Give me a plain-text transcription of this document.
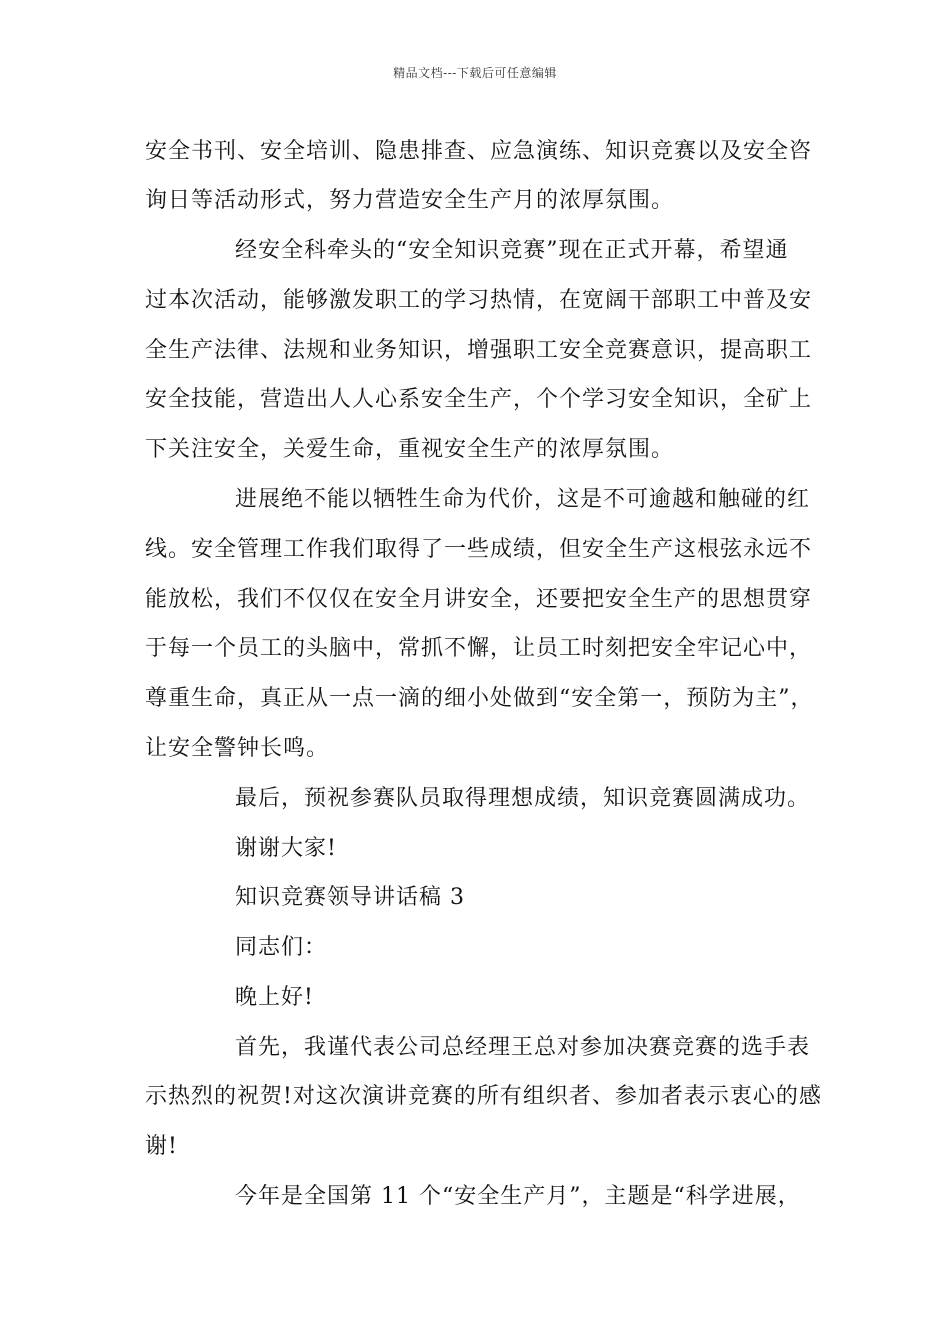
精品文档---下载后可任意编辑
安全书刊、安全培训、隐患排查、应急演练、知识竞赛以及安全咨
询日等活动形式，努力营造安全生产月的浓厚氛围。
经安全科牵头的“安全知识竞赛”现在正式开幕，希望通
过本次活动，能够激发职工的学习热情，在宽阔干部职工中普及安
全生产法律、法规和业务知识，增强职工安全竞赛意识，提高职工
安全技能，营造出人人心系安全生产，个个学习安全知识，全矿上
下关注安全，关爱生命，重视安全生产的浓厚氛围。
进展绝不能以牺牲生命为代价，这是不可逾越和触碰的红
线。安全管理工作我们取得了一些成绩，但安全生产这根弦永远不
能放松，我们不仅仅在安全月讲安全，还要把安全生产的思想贯穿
于每一个员工的头脑中，常抓不懈，让员工时刻把安全牢记心中，
尊重生命，真正从一点一滴的细小处做到“安全第一，预防为主”，
让安全警钟长鸣。
最后，预祝参赛队员取得理想成绩，知识竞赛圆满成功。
谢谢大家!
知识竞赛领导讲话稿 3
同志们：
晚上好!
首先，我谨代表公司总经理王总对参加决赛竞赛的选手表
示热烈的祝贺!对这次演讲竞赛的所有组织者、参加者表示衷心的感
谢!
今年是全国第 11 个“安全生产月”，主题是“科学进展，
